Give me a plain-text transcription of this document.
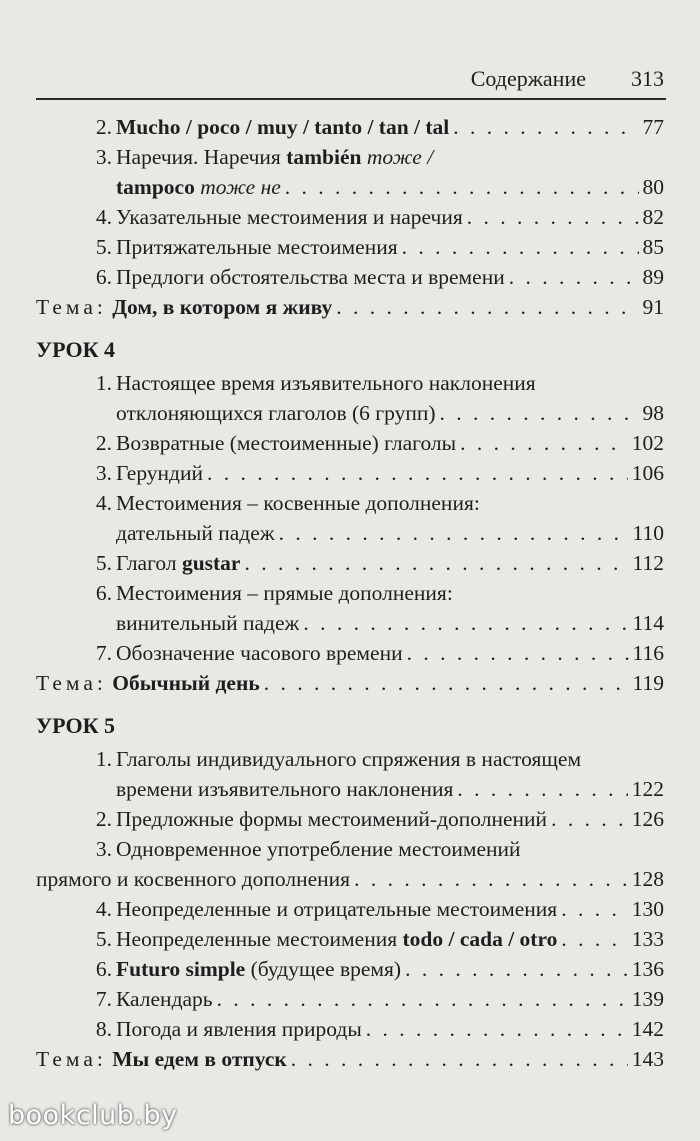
Содержание 313
2. Mucho / poco / muy / tanto / tan / tal . . .	77
3. Наречия. Наречия también тоже /
tampoco тоже не . . .	80
4. Указательные местоимения и наречия . . .	82
5. Притяжательные местоимения . . .	85
6. Предлоги обстоятельства места и времени . . .	89
Тема: Дом, в котором я живу . . .	91
УРОК 4
1. Настоящее время изъявительного наклонения
отклоняющихся глаголов (6 групп) . . .	98
2. Возвратные (местоименные) глаголы . . .	102
3. Герундий . . .	106
4. Местоимения – косвенные дополнения:
дательный падеж . . .	110
5. Глагол gustar . . .	112
6. Местоимения – прямые дополнения:
винительный падеж . . .	114
7. Обозначение часового времени . . .	116
Тема: Обычный день . . .	119
УРОК 5
1. Глаголы индивидуального спряжения в настоящем
времени изъявительного наклонения . . .	122
2. Предложные формы местоимений-дополнений . . .	126
3. Одновременное употребление местоимений
прямого и косвенного дополнения . . .	128
4. Неопределенные и отрицательные местоимения . . .	130
5. Неопределенные местоимения todo / cada / otro . . .	133
6. Futuro simple (будущее время) . . .	136
7. Календарь . . .	139
8. Погода и явления природы . . .	142
Тема: Мы едем в отпуск . . .	143
bookclub.by
